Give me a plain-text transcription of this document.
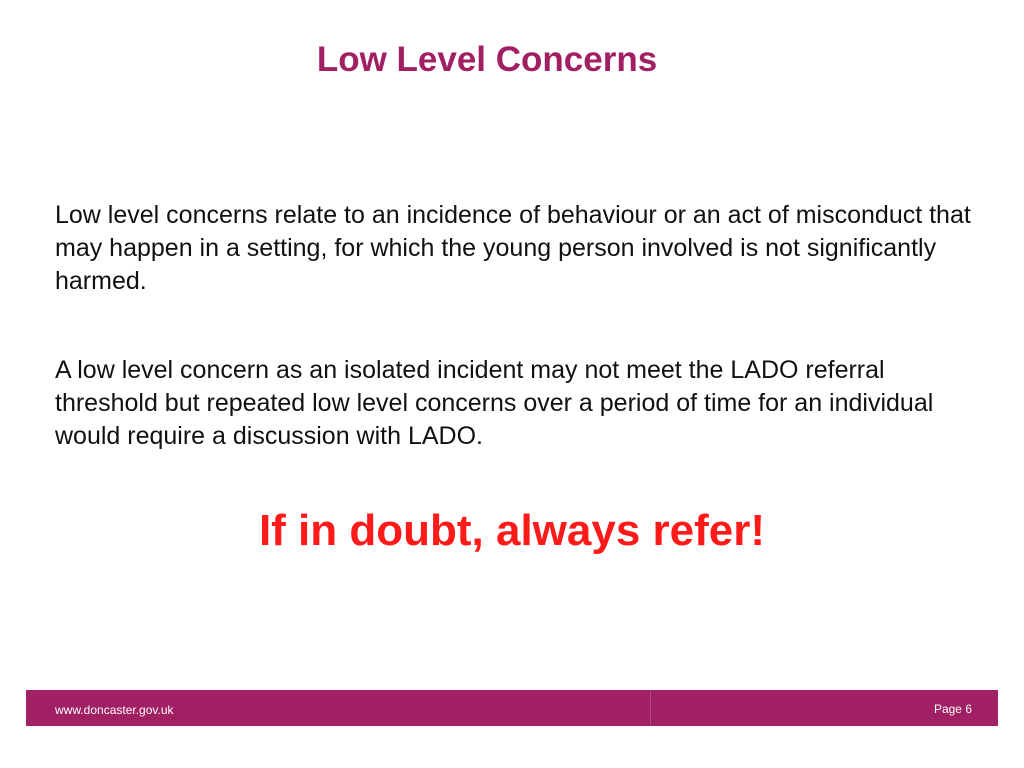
Low Level Concerns

Low level concerns relate to an incidence of behaviour or an act of misconduct that may happen in a setting, for which the young person involved is not significantly harmed.

A low level concern as an isolated incident may not meet the LADO referral threshold but repeated low level concerns over a period of time for an individual would require a discussion with LADO.

If in doubt, always refer!

www.doncaster.gov.uk	Page 6
